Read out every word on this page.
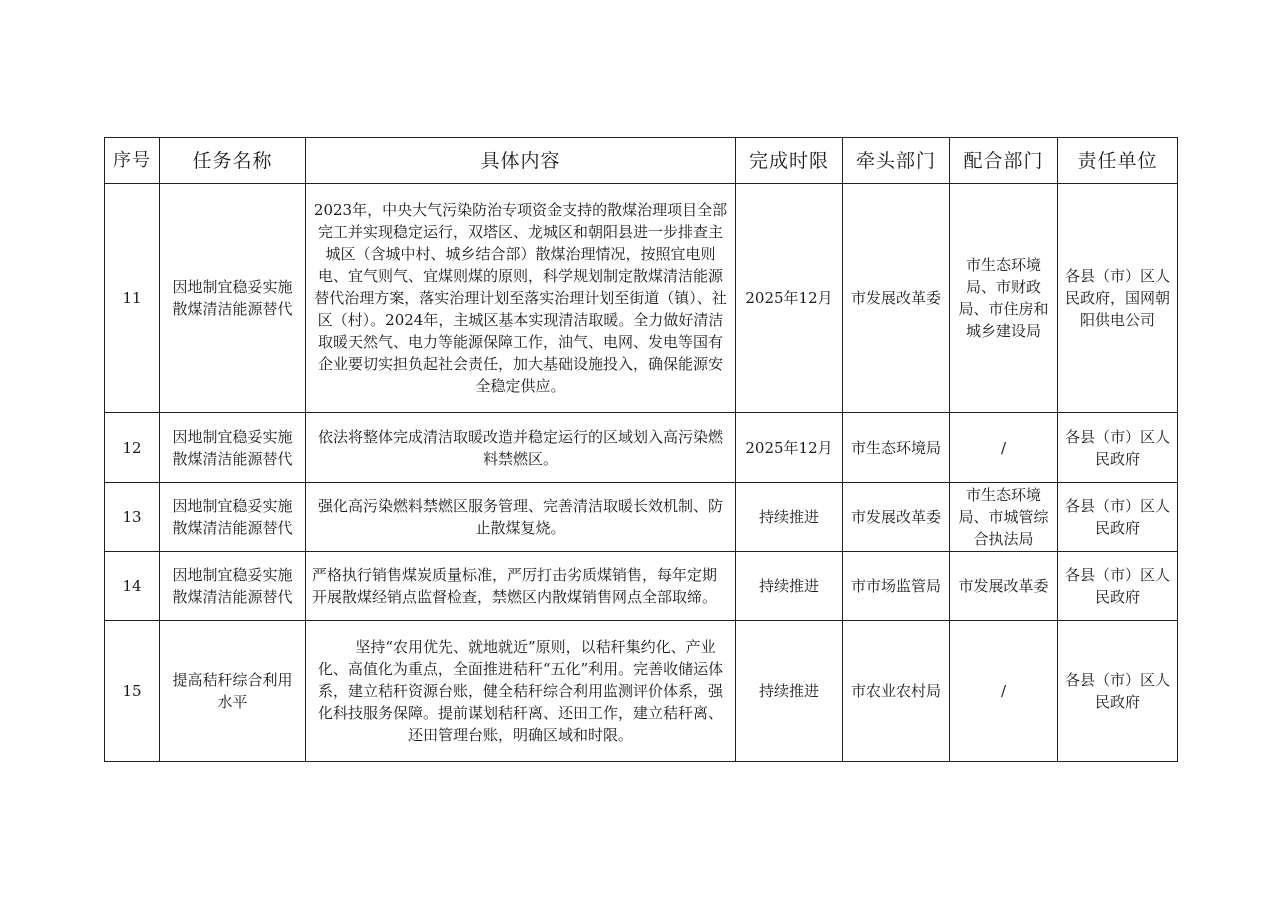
序号	任务名称	具体内容	完成时限	牵头部门	配合部门	责任单位
11	因地制宜稳妥实施散煤清洁能源替代	2023年，中央大气污染防治专项资金支持的散煤治理项目全部完工并实现稳定运行，双塔区、龙城区和朝阳县进一步排查主城区（含城中村、城乡结合部）散煤治理情况，按照宜电则电、宜气则气、宜煤则煤的原则，科学规划制定散煤清洁能源替代治理方案，落实治理计划至落实治理计划至街道（镇）、社区（村）。2024年，主城区基本实现清洁取暖。全力做好清洁取暖天然气、电力等能源保障工作，油气、电网、发电等国有企业要切实担负起社会责任，加大基础设施投入，确保能源安全稳定供应。	2025年12月	市发展改革委	市生态环境局、市财政局、市住房和城乡建设局	各县（市）区人民政府，国网朝阳供电公司
12	因地制宜稳妥实施散煤清洁能源替代	依法将整体完成清洁取暖改造并稳定运行的区域划入高污染燃料禁燃区。	2025年12月	市生态环境局	/	各县（市）区人民政府
13	因地制宜稳妥实施散煤清洁能源替代	强化高污染燃料禁燃区服务管理、完善清洁取暖长效机制、防止散煤复烧。	持续推进	市发展改革委	市生态环境局、市城管综合执法局	各县（市）区人民政府
14	因地制宜稳妥实施散煤清洁能源替代	严格执行销售煤炭质量标准，严厉打击劣质煤销售，每年定期开展散煤经销点监督检查，禁燃区内散煤销售网点全部取缔。	持续推进	市市场监管局	市发展改革委	各县（市）区人民政府
15	提高秸秆综合利用水平	坚持“农用优先、就地就近”原则，以秸秆集约化、产业化、高值化为重点，全面推进秸秆“五化”利用。完善收储运体系，建立秸秆资源台账，健全秸秆综合利用监测评价体系，强化科技服务保障。提前谋划秸秆离、还田工作，建立秸秆离、还田管理台账，明确区域和时限。	持续推进	市农业农村局	/	各县（市）区人民政府
